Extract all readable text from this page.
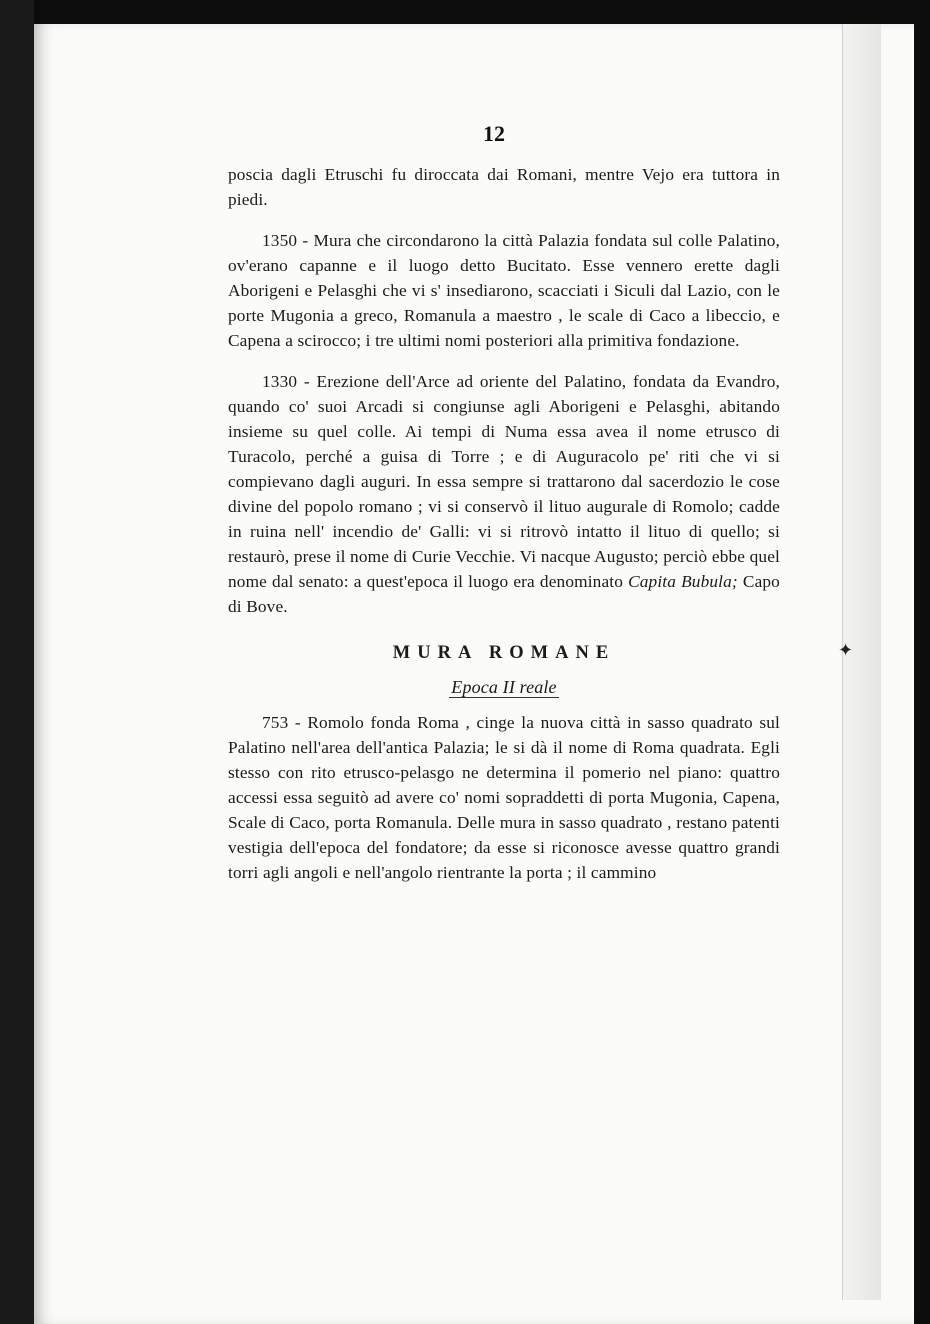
✦
12

poscia dagli Etruschi fu diroccata dai Romani, mentre Vejo era tuttora in piedi.

1350 - Mura che circondarono la città Palazia fondata sul colle Palatino, ov'erano capanne e il luogo detto Bucitato. Esse vennero erette dagli Aborigeni e Pelasghi che vi s' insediarono, scacciati i Siculi dal Lazio, con le porte Mugonia a greco, Romanula a maestro , le scale di Caco a libeccio, e Capena a scirocco; i tre ultimi nomi posteriori alla primitiva fondazione.

1330 - Erezione dell'Arce ad oriente del Palatino, fondata da Evandro, quando co' suoi Arcadi si congiunse agli Aborigeni e Pelasghi, abitando insieme su quel colle. Ai tempi di Numa essa avea il nome etrusco di Turacolo, perché a guisa di Torre ; e di Auguracolo pe' riti che vi si compievano dagli auguri. In essa sempre si trattarono dal sacerdozio le cose divine del popolo romano ; vi si conservò il lituo augurale di Romolo; cadde in ruina nell' incendio de' Galli: vi si ritrovò intatto il lituo di quello; si restaurò, prese il nome di Curie Vecchie. Vi nacque Augusto; perciò ebbe quel nome dal senato: a quest'epoca il luogo era denominato Capita Bubula; Capo di Bove.

MURA ROMANE
Epoca II reale

753 - Romolo fonda Roma , cinge la nuova città in sasso quadrato sul Palatino nell'area dell'antica Palazia; le si dà il nome di Roma quadrata. Egli stesso con rito etrusco-pelasgo ne determina il pomerio nel piano: quattro accessi essa seguitò ad avere co' nomi sopraddetti di porta Mugonia, Capena, Scale di Caco, porta Romanula. Delle mura in sasso quadrato , restano patenti vestigia dell'epoca del fondatore; da esse si riconosce avesse quattro grandi torri agli angoli e nell'angolo rientrante la porta ; il cammino
